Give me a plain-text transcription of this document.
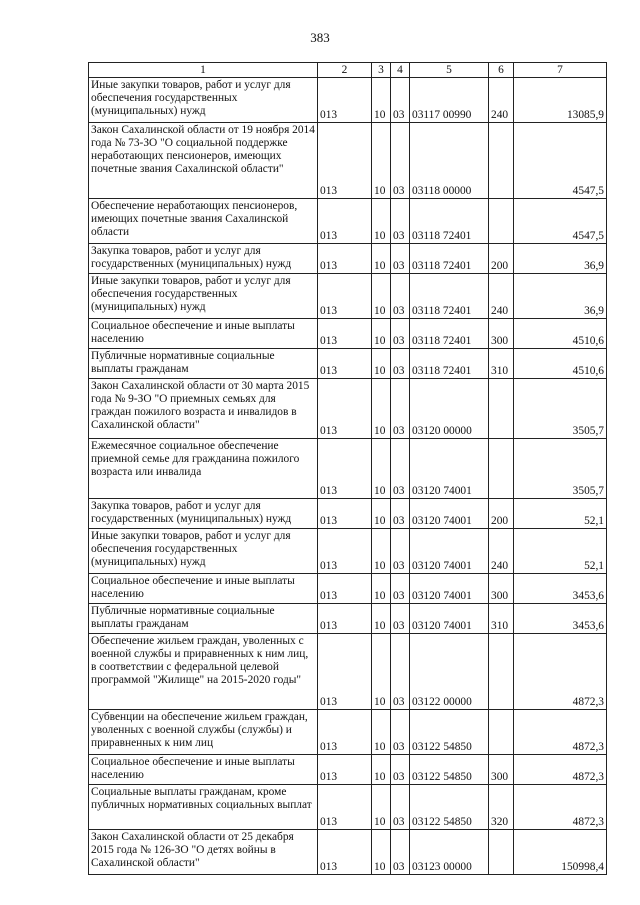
383
1	2	3	4	5	6	7
Иные закупки товаров, работ и услуг для обеспечения государственных (муниципальных) нужд	013	10	03	03117 00990	240	13085,9
Закон Сахалинской области от 19 ноября 2014 года № 73-ЗО "О социальной поддержке неработающих пенсионеров, имеющих почетные звания Сахалинской области"	013	10	03	03118 00000		4547,5
Обеспечение неработающих пенсионеров, имеющих почетные звания Сахалинской области	013	10	03	03118 72401		4547,5
Закупка товаров, работ и услуг для государственных (муниципальных) нужд	013	10	03	03118 72401	200	36,9
Иные закупки товаров, работ и услуг для обеспечения государственных (муниципальных) нужд	013	10	03	03118 72401	240	36,9
Социальное обеспечение и иные выплаты населению	013	10	03	03118 72401	300	4510,6
Публичные нормативные социальные выплаты гражданам	013	10	03	03118 72401	310	4510,6
Закон Сахалинской области от 30 марта 2015 года № 9-ЗО "О приемных семьях для граждан пожилого возраста и инвалидов в Сахалинской области"	013	10	03	03120 00000		3505,7
Ежемесячное социальное обеспечение приемной семье для гражданина пожилого возраста или инвалида	013	10	03	03120 74001		3505,7
Закупка товаров, работ и услуг для государственных (муниципальных) нужд	013	10	03	03120 74001	200	52,1
Иные закупки товаров, работ и услуг для обеспечения государственных (муниципальных) нужд	013	10	03	03120 74001	240	52,1
Социальное обеспечение и иные выплаты населению	013	10	03	03120 74001	300	3453,6
Публичные нормативные социальные выплаты гражданам	013	10	03	03120 74001	310	3453,6
Обеспечение жильем граждан, уволенных с военной службы и приравненных к ним лиц, в соответствии с федеральной целевой программой "Жилище" на 2015-2020 годы"	013	10	03	03122 00000		4872,3
Субвенции на обеспечение жильем граждан, уволенных с военной службы (службы) и приравненных к ним лиц	013	10	03	03122 54850		4872,3
Социальное обеспечение и иные выплаты населению	013	10	03	03122 54850	300	4872,3
Социальные выплаты гражданам, кроме публичных нормативных социальных выплат	013	10	03	03122 54850	320	4872,3
Закон Сахалинской области от 25 декабря 2015 года № 126-ЗО "О детях войны в Сахалинской области"	013	10	03	03123 00000		150998,4
